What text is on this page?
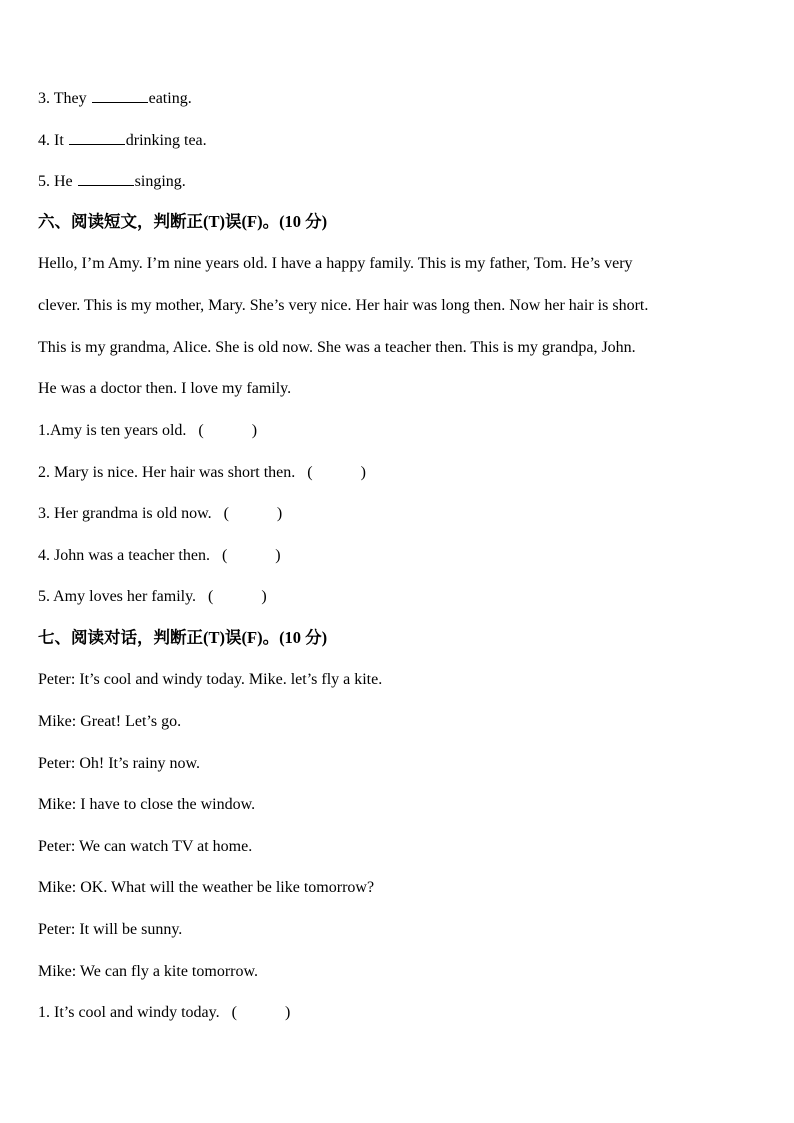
3. They	eating.
4. It	drinking tea.
5. He	singing.
六、阅读短文，判断正(T)误(F)。(10 分)
Hello, I’m Amy. I’m nine years old. I have a happy family. This is my father, Tom. He’s very
clever. This is my mother, Mary. She’s very nice. Her hair was long then. Now her hair is short.
This is my grandma, Alice. She is old now. She was a teacher then. This is my grandpa, John.
He was a doctor then. I love my family.
1.Amy is ten years old.   (            )
2. Mary is nice. Her hair was short then.   (            )
3. Her grandma is old now.   (            )
4. John was a teacher then.   (            )
5. Amy loves her family.   (            )
七、阅读对话，判断正(T)误(F)。(10 分)
Peter: It’s cool and windy today. Mike. let’s fly a kite.
Mike: Great! Let’s go.
Peter: Oh! It’s rainy now.
Mike: I have to close the window.
Peter: We can watch TV at home.
Mike: OK. What will the weather be like tomorrow?
Peter: It will be sunny.
Mike: We can fly a kite tomorrow.
1. It’s cool and windy today.   (            )
